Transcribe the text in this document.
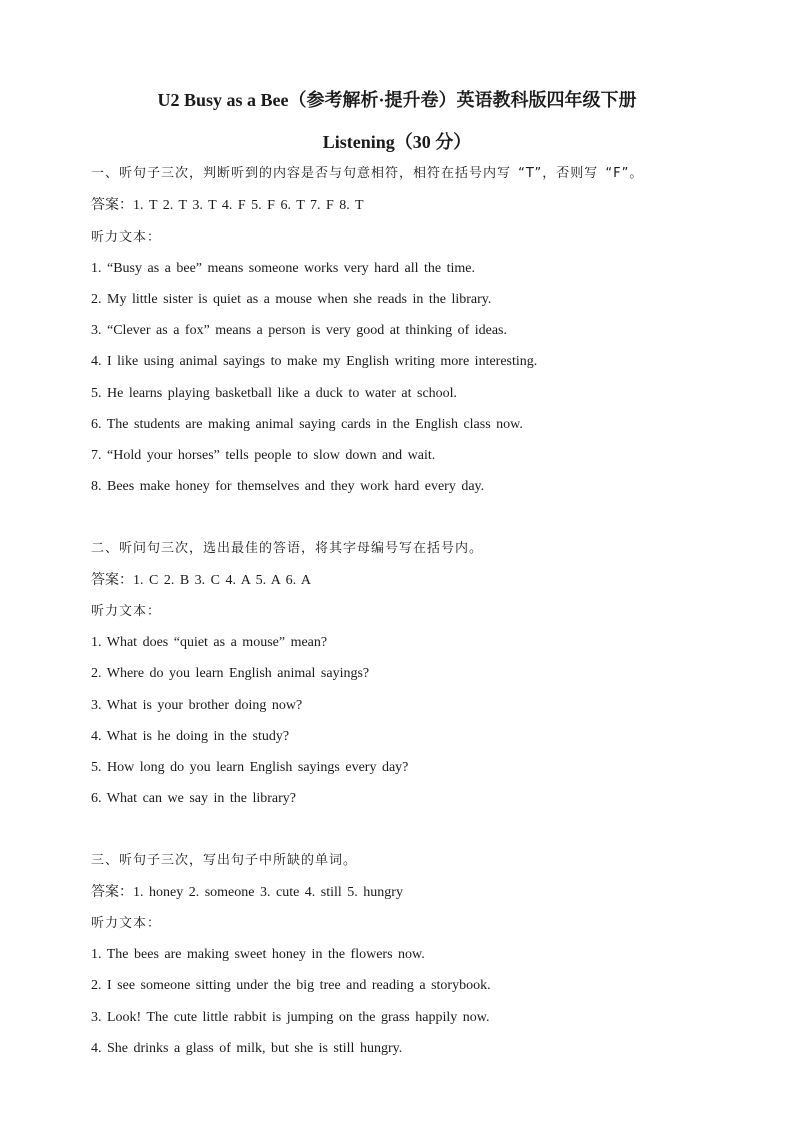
U2 Busy as a Bee（参考解析·提升卷）英语教科版四年级下册
Listening（30 分）
一、听句子三次，判断听到的内容是否与句意相符，相符在括号内写 “T”，否则写 “F”。
答案：1. T 2. T 3. T 4. F 5. F 6. T 7. F 8. T
听力文本：
1. “Busy as a bee” means someone works very hard all the time.
2. My little sister is quiet as a mouse when she reads in the library.
3. “Clever as a fox” means a person is very good at thinking of ideas.
4. I like using animal sayings to make my English writing more interesting.
5. He learns playing basketball like a duck to water at school.
6. The students are making animal saying cards in the English class now.
7. “Hold your horses” tells people to slow down and wait.
8. Bees make honey for themselves and they work hard every day.
二、听问句三次，选出最佳的答语，将其字母编号写在括号内。
答案：1. C 2. B 3. C 4. A 5. A 6. A
听力文本：
1. What does “quiet as a mouse” mean?
2. Where do you learn English animal sayings?
3. What is your brother doing now?
4. What is he doing in the study?
5. How long do you learn English sayings every day?
6. What can we say in the library?
三、听句子三次，写出句子中所缺的单词。
答案：1. honey 2. someone 3. cute 4. still 5. hungry
听力文本：
1. The bees are making sweet honey in the flowers now.
2. I see someone sitting under the big tree and reading a storybook.
3. Look! The cute little rabbit is jumping on the grass happily now.
4. She drinks a glass of milk, but she is still hungry.
